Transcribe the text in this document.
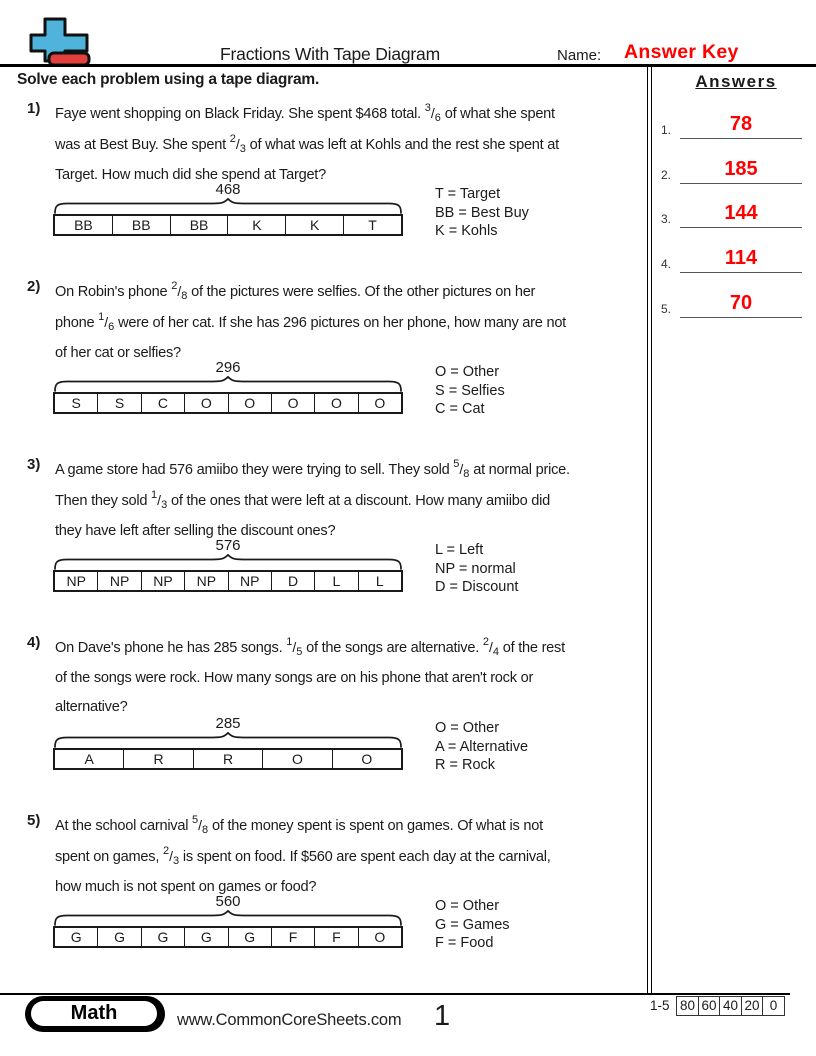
Fractions With Tape Diagram	Name: Answer Key
Solve each problem using a tape diagram.	Answers
1.	78
2.	185
3.	144
4.	114
5.	70
1) Faye went shopping on Black Friday. She spent $468 total. $^3/_6$ of what she spent
was at Best Buy. She spent $^2/_3$ of what was left at Kohls and the rest she spent at
Target. How much did she spend at Target?
468
BB	BB	BB	K	K	T
T = Target
BB = Best Buy
K = Kohls
2) On Robin's phone $^2/_8$ of the pictures were selfies. Of the other pictures on her
phone $^1/_6$ were of her cat. If she has 296 pictures on her phone, how many are not
of her cat or selfies?
296
S	S	C	O	O	O	O	O
O = Other
S = Selfies
C = Cat
3) A game store had 576 amiibo they were trying to sell. They sold $^5/_8$ at normal price.
Then they sold $^1/_3$ of the ones that were left at a discount. How many amiibo did
they have left after selling the discount ones?
576
NP	NP	NP	NP	NP	D	L	L
L = Left
NP = normal
D = Discount
4) On Dave's phone he has 285 songs. $^1/_5$ of the songs are alternative. $^2/_4$ of the rest
of the songs were rock. How many songs are on his phone that aren't rock or
alternative?
285
A	R	R	O	O
O = Other
A = Alternative
R = Rock
5) At the school carnival $^5/_8$ of the money spent is spent on games. Of what is not
spent on games, $^2/_3$ is spent on food. If $560 are spent each day at the carnival,
how much is not spent on games or food?
560
G	G	G	G	G	F	F	O
O = Other
G = Games
F = Food
Math	www.CommonCoreSheets.com 1	1-5 80 60 40 20 0
